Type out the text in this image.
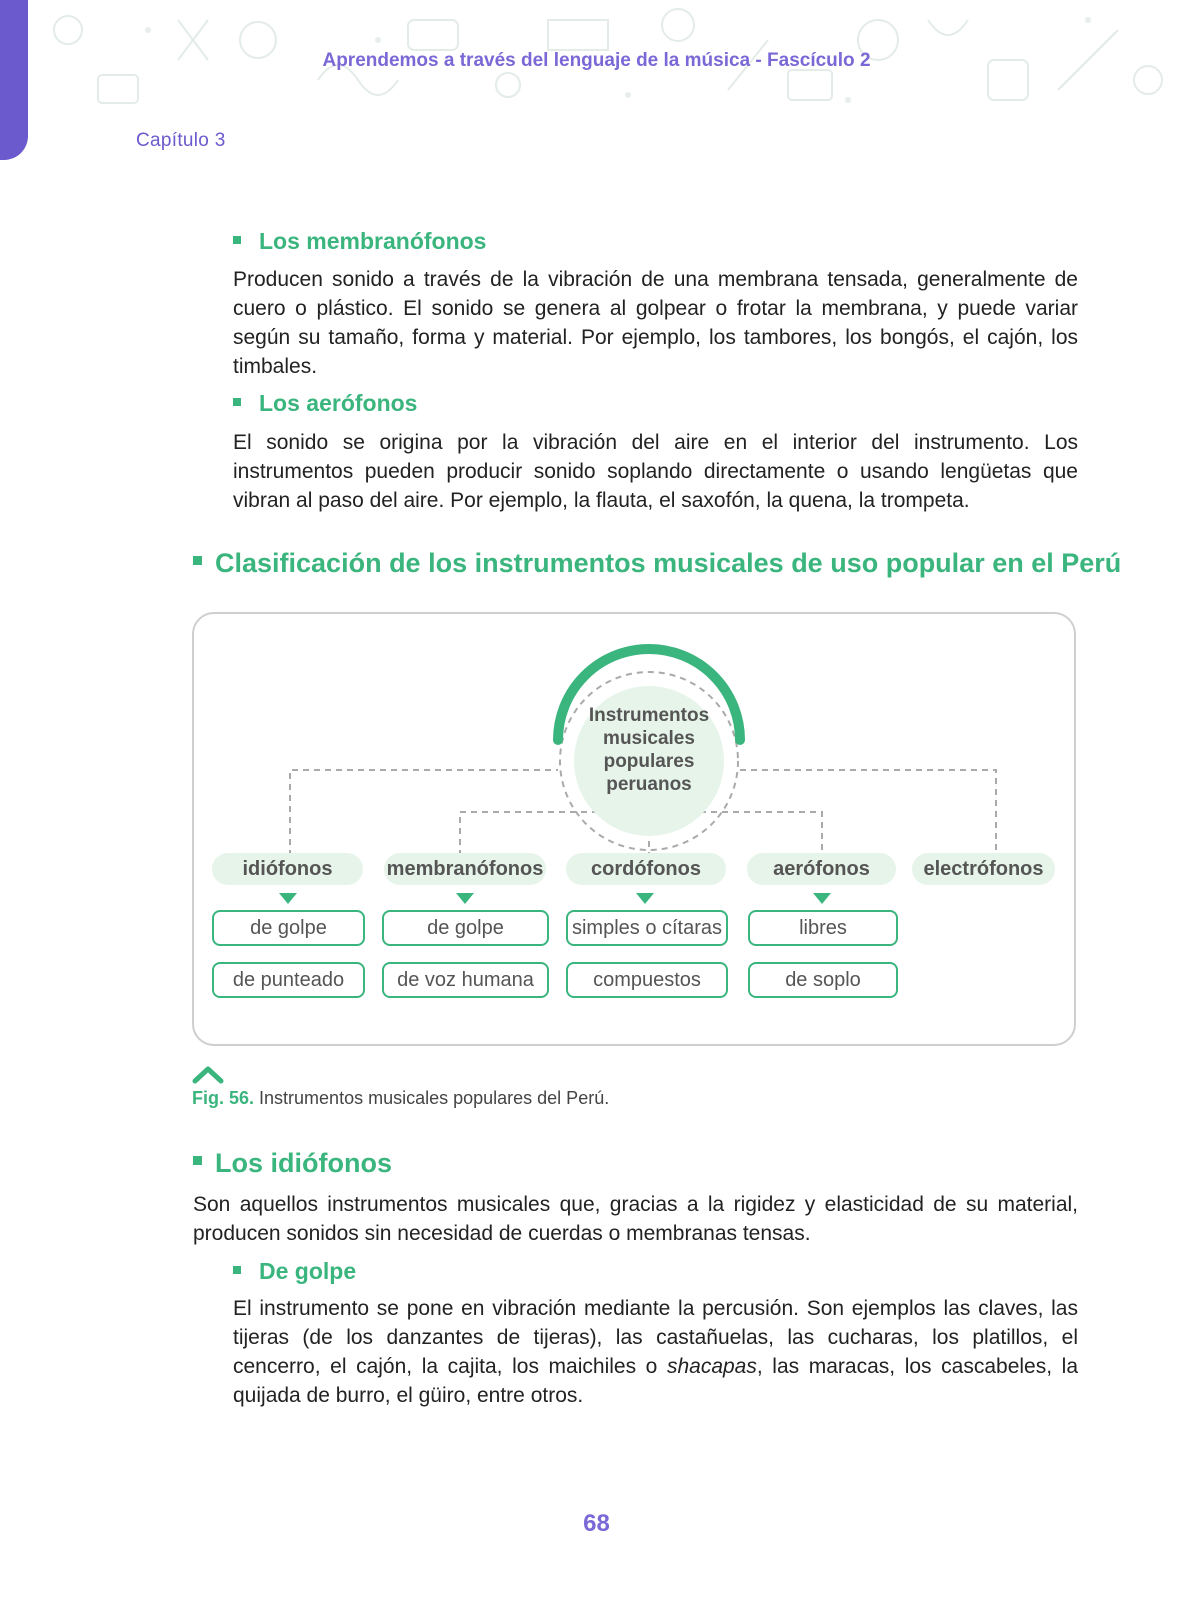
Aprendemos a través del lenguaje de la música - Fascículo 2
Capítulo 3
Los membranófonos
Producen sonido a través de la vibración de una membrana tensada, generalmente de cuero o plástico. El sonido se genera al golpear o frotar la membrana, y puede variar según su tamaño, forma y material. Por ejemplo, los tambores, los bongós, el cajón, los timbales.
Los aerófonos
El sonido se origina por la vibración del aire en el interior del instrumento. Los instrumentos pueden producir sonido soplando directamente o usando lengüetas que vibran al paso del aire. Por ejemplo, la flauta, el saxofón, la quena, la trompeta.
Clasificación de los instrumentos musicales de uso popular en el Perú
Instrumentos musicales populares peruanos
idiófonos	membranófonos	cordófonos	aerófonos	electrófonos
de golpe
de punteado
de golpe
de voz humana
simples o cítaras
compuestos
libres
de soplo
Fig. 56. Instrumentos musicales populares del Perú.
Los idiófonos
Son aquellos instrumentos musicales que, gracias a la rigidez y elasticidad de su material, producen sonidos sin necesidad de cuerdas o membranas tensas.
De golpe
El instrumento se pone en vibración mediante la percusión. Son ejemplos las claves, las tijeras (de los danzantes de tijeras), las castañuelas, las cucharas, los platillos, el cencerro, el cajón, la cajita, los maichiles o shacapas, las maracas, los cascabeles, la quijada de burro, el güiro, entre otros.
68
